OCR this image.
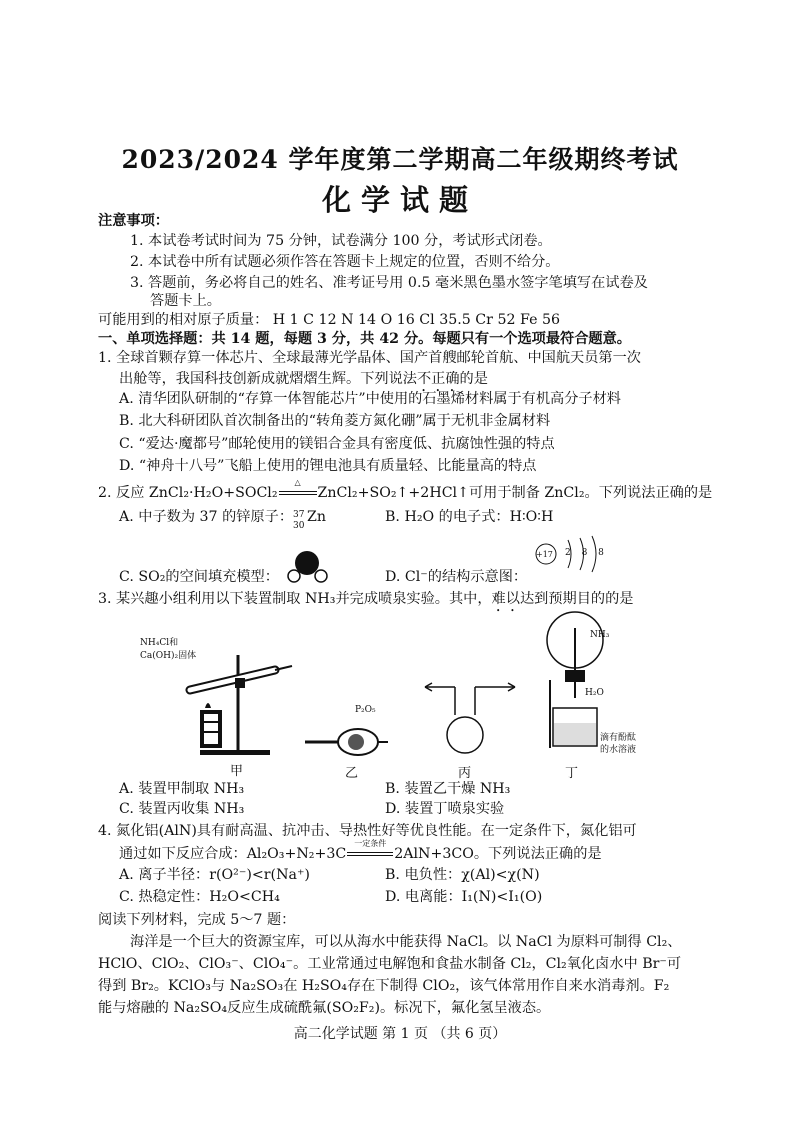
2023/2024 学年度第二学期高二年级期终考试
化学试题
注意事项：
1. 本试卷考试时间为 75 分钟，试卷满分 100 分，考试形式闭卷。
2. 本试卷中所有试题必须作答在答题卡上规定的位置，否则不给分。
3. 答题前，务必将自己的姓名、准考证号用 0.5 毫米黑色墨水签字笔填写在试卷及
答题卡上。
可能用到的相对原子质量： H 1 C 12 N 14 O 16 Cl 35.5 Cr 52 Fe 56
一、单项选择题：共 14 题，每题 3 分，共 42 分。每题只有一个选项最符合题意。
1. 全球首颗存算一体芯片、全球最薄光学晶体、国产首艘邮轮首航、中国航天员第一次
出舱等，我国科技创新成就熠熠生辉。下列说法不正确的是
A. 清华团队研制的“存算一体智能芯片”中使用的石墨烯材料属于有机高分子材料
B. 北大科研团队首次制备出的“转角菱方氮化硼”属于无机非金属材料
C. “爱达·魔都号”邮轮使用的镁铝合金具有密度低、抗腐蚀性强的特点
D. “神舟十八号”飞船上使用的锂电池具有质量轻、比能量高的特点
2. 反应 ZnCl₂·H₂O+SOCl₂
△
ZnCl₂+SO₂↑+2HCl↑可用于制备 ZnCl₂。下列说法正确的是
A. 中子数为 37 的锌原子： 37
30
Zn	B. H₂O 的电子式：H∶O∶H
C. SO₂的空间填充模型：	D. Cl⁻的结构示意图：
+17 2 8 8
3. 某兴趣小组利用以下装置制取 NH₃并完成喷泉实验。其中，难以达到预期目的的是
NH₄Cl和
Ca(OH)₂固体
甲
P₂O₅
乙	丙
NH₃
H₂O
滴有酚酞
的水溶液
丁
A. 装置甲制取 NH₃	B. 装置乙干燥 NH₃
C. 装置丙收集 NH₃	D. 装置丁喷泉实验
4. 氮化铝(AlN)具有耐高温、抗冲击、导热性好等优良性能。在一定条件下，氮化铝可
通过如下反应合成：Al₂O₃+N₂+3C
一定条件
2AlN+3CO。下列说法正确的是
A. 离子半径：r(O²⁻)<r(Na⁺)	B. 电负性：χ(Al)<χ(N)
C. 热稳定性：H₂O<CH₄	D. 电离能：I₁(N)<I₁(O)
阅读下列材料，完成 5～7 题：
海洋是一个巨大的资源宝库，可以从海水中能获得 NaCl。以 NaCl 为原料可制得 Cl₂、
HClO、ClO₂、ClO₃⁻、ClO₄⁻。工业常通过电解饱和食盐水制备 Cl₂，Cl₂氧化卤水中 Br⁻可
得到 Br₂。KClO₃与 Na₂SO₃在 H₂SO₄存在下制得 ClO₂，该气体常用作自来水消毒剂。F₂
能与熔融的 Na₂SO₄反应生成硫酰氟(SO₂F₂)。标况下，氟化氢呈液态。
高二化学试题 第 1 页 （共 6 页）
